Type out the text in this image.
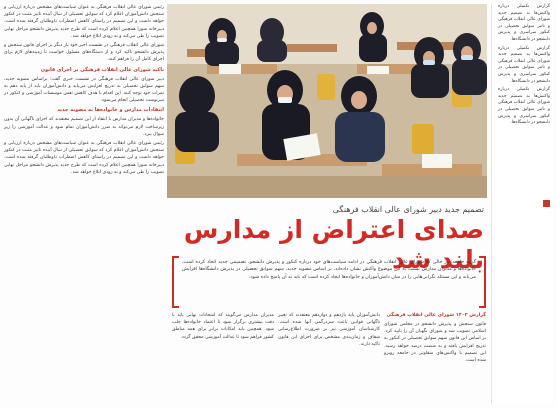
رئیس شورای عالی انقلاب فرهنگی به عنوان سیاست‌های مشخص درباره ارزیابی و سنجش دانش‌آموزان اعلام کرد که سوابق تحصیلی از سال آینده تاثیر مثبت در کنکور خواهد داشت و این تصمیم در راستای کاهش اضطراب داوطلبان گرفته شده است. دبیرخانه شورا همچنین اعلام کرده است که طرح جدید پذیرش دانشجو مراحل نهایی تصویب را طی می‌کند و به زودی ابلاغ خواهد شد.

شورای عالی انقلاب فرهنگی در نشست اخیر خود بار دیگر بر اجرای قانون سنجش و پذیرش دانشجو تاکید کرد و از دستگاه‌های مسئول خواست تا زمینه‌های لازم برای اجرای کامل آن را فراهم کنند.

تاکید شورای عالی انقلاب فرهنگی بر اجرای قانون

دبیر شورای عالی انقلاب فرهنگی در نشست خبری گفت: براساس مصوبه جدید، سهم سوابق تحصیلی به تدریج افزایش می‌یابد و دانش‌آموزان باید از پایه دهم به نمرات خود توجه کنند. این اقدام با هدف کاهش نقش موسسات آموزشی و کنکور در سرنوشت تحصیلی انجام می‌شود.

انتقادات مدارس و خانواده‌ها به مصوبه جدید

خانواده‌ها و مدیران مدارس با انتقاد از این تصمیم معتقدند که اجرای ناگهانی آن بدون زیرساخت لازم می‌تواند به ضرر دانش‌آموزان تمام شود و عدالت آموزشی را زیر سوال ببرد.

رئیس شورای عالی انقلاب فرهنگی به عنوان سیاست‌های مشخص درباره ارزیابی و سنجش دانش‌آموزان اعلام کرد که سوابق تحصیلی از سال آینده تاثیر مثبت در کنکور خواهد داشت و این تصمیم در راستای کاهش اضطراب داوطلبان گرفته شده است. دبیرخانه شورا همچنین اعلام کرده است که طرح جدید پذیرش دانشجو مراحل نهایی تصویب را طی می‌کند و به زودی ابلاغ خواهد شد.

گزارش تکمیلی درباره واکنش‌ها به تصمیم جدید شورای عالی انقلاب فرهنگی و تاثیر سوابق تحصیلی در کنکور سراسری و پذیرش دانشجو در دانشگاه‌ها.

گزارش تکمیلی درباره واکنش‌ها به تصمیم جدید شورای عالی انقلاب فرهنگی و تاثیر سوابق تحصیلی در کنکور سراسری و پذیرش دانشجو در دانشگاه‌ها.

گزارش تکمیلی درباره واکنش‌ها به تصمیم جدید شورای عالی انقلاب فرهنگی و تاثیر سوابق تحصیلی در کنکور سراسری و پذیرش دانشجو در دانشگاه‌ها.

تصمیم جدید دبیر شورای عالی انقلاب فرهنگی
صدای اعتراض از مدارس بلند شد
گروه جامعه: در حالی که شورای عالی انقلاب فرهنگی در ادامه سیاست‌های خود درباره کنکور و پذیرش دانشجو، تصمیمی جدید اتخاذ کرده است، خانواده‌ها و مدیران مدارس نسبت به این موضوع واکنش نشان داده‌اند. بر اساس مصوبه جدید، سهم سوابق تحصیلی در پذیرش دانشگاه‌ها افزایش می‌یابد و این مسئله نگرانی‌هایی را در میان دانش‌آموزان و خانواده‌ها ایجاد کرده است که باید به آن پاسخ داده شود.
گزارش ۱۴۰۳ شورای عالی انقلاب فرهنگی

قانون سنجش و پذیرش دانشجو در مجلس شورای اسلامی تصویب شد و شورای نگهبان آن را تایید کرد. بر اساس این قانون سهم سوابق تحصیلی در کنکور به تدریج افزایش یافته و به شصت درصد خواهد رسید. این تصمیم با واکنش‌های متفاوتی در جامعه روبرو شده است.

دانش‌آموزان پایه یازدهم و دوازدهم معتقدند که تغییر ناگهانی قوانین باعث سردرگمی آنها شده است. کارشناسان آموزشی نیز بر ضرورت اطلاع‌رسانی شفاف و زمان‌بندی مشخص برای اجرای این قانون تاکید دارند.

مدیران مدارس می‌گویند که امتحانات نهایی باید با دقت بیشتری برگزار شود تا اعتماد خانواده‌ها جلب شود. همچنین باید امکانات برابر برای همه مناطق کشور فراهم شود تا عدالت آموزشی محقق گردد.
